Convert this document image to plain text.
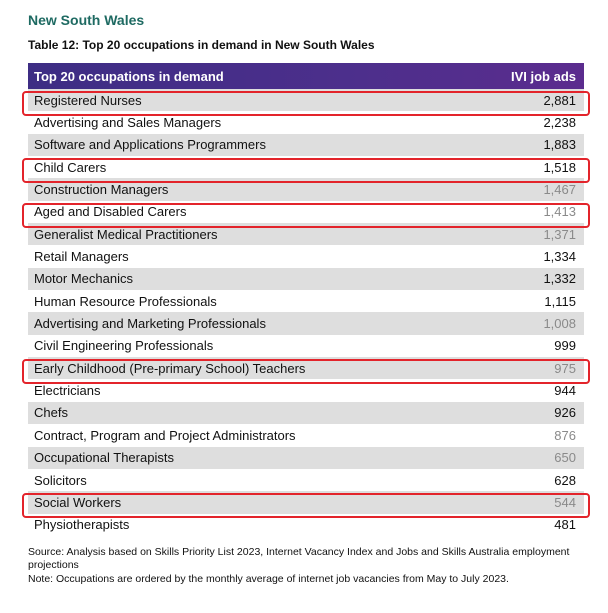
New South Wales

Table 12: Top 20 occupations in demand in New South Wales

Top 20 occupations in demand	IVI job ads
Registered Nurses	2,881
Advertising and Sales Managers	2,238
Software and Applications Programmers	1,883
Child Carers	1,518
Construction Managers	1,467
Aged and Disabled Carers	1,413
Generalist Medical Practitioners	1,371
Retail Managers	1,334
Motor Mechanics	1,332
Human Resource Professionals	1,115
Advertising and Marketing Professionals	1,008
Civil Engineering Professionals	999
Early Childhood (Pre-primary School) Teachers	975
Electricians	944
Chefs	926
Contract, Program and Project Administrators	876
Occupational Therapists	650
Solicitors	628
Social Workers	544
Physiotherapists	481

Source: Analysis based on Skills Priority List 2023, Internet Vacancy Index and Jobs and Skills Australia employment projections

Note: Occupations are ordered by the monthly average of internet job vacancies from May to July 2023.
